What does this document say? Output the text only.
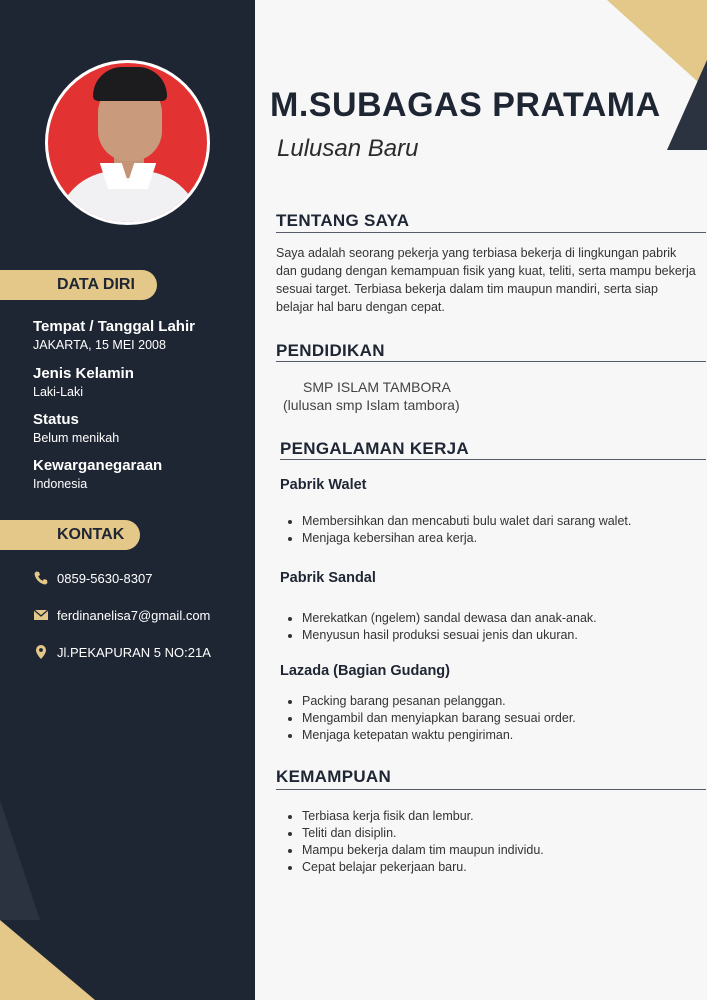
DATA DIRI
Tempat / Tanggal Lahir
JAKARTA, 15 MEI 2008
Jenis Kelamin
Laki-Laki
Status
Belum menikah
Kewarganegaraan
Indonesia
KONTAK
0859-5630-8307
ferdinanelisa7@gmail.com
Jl.PEKAPURAN 5 NO:21A
M.SUBAGAS PRATAMA
Lulusan Baru
TENTANG SAYA
Saya adalah seorang pekerja yang terbiasa bekerja di lingkungan pabrik dan gudang dengan kemampuan fisik yang kuat, teliti, serta mampu bekerja sesuai target. Terbiasa bekerja dalam tim maupun mandiri, serta siap belajar hal baru dengan cepat.
PENDIDIKAN
SMP ISLAM TAMBORA
(lulusan smp Islam tambora)
PENGALAMAN KERJA
Pabrik Walet
• Membersihkan dan mencabuti bulu walet dari sarang walet.
• Menjaga kebersihan area kerja.
Pabrik Sandal
• Merekatkan (ngelem) sandal dewasa dan anak-anak.
• Menyusun hasil produksi sesuai jenis dan ukuran.
Lazada (Bagian Gudang)
• Packing barang pesanan pelanggan.
• Mengambil dan menyiapkan barang sesuai order.
• Menjaga ketepatan waktu pengiriman.
KEMAMPUAN
• Terbiasa kerja fisik dan lembur.
• Teliti dan disiplin.
• Mampu bekerja dalam tim maupun individu.
• Cepat belajar pekerjaan baru.
